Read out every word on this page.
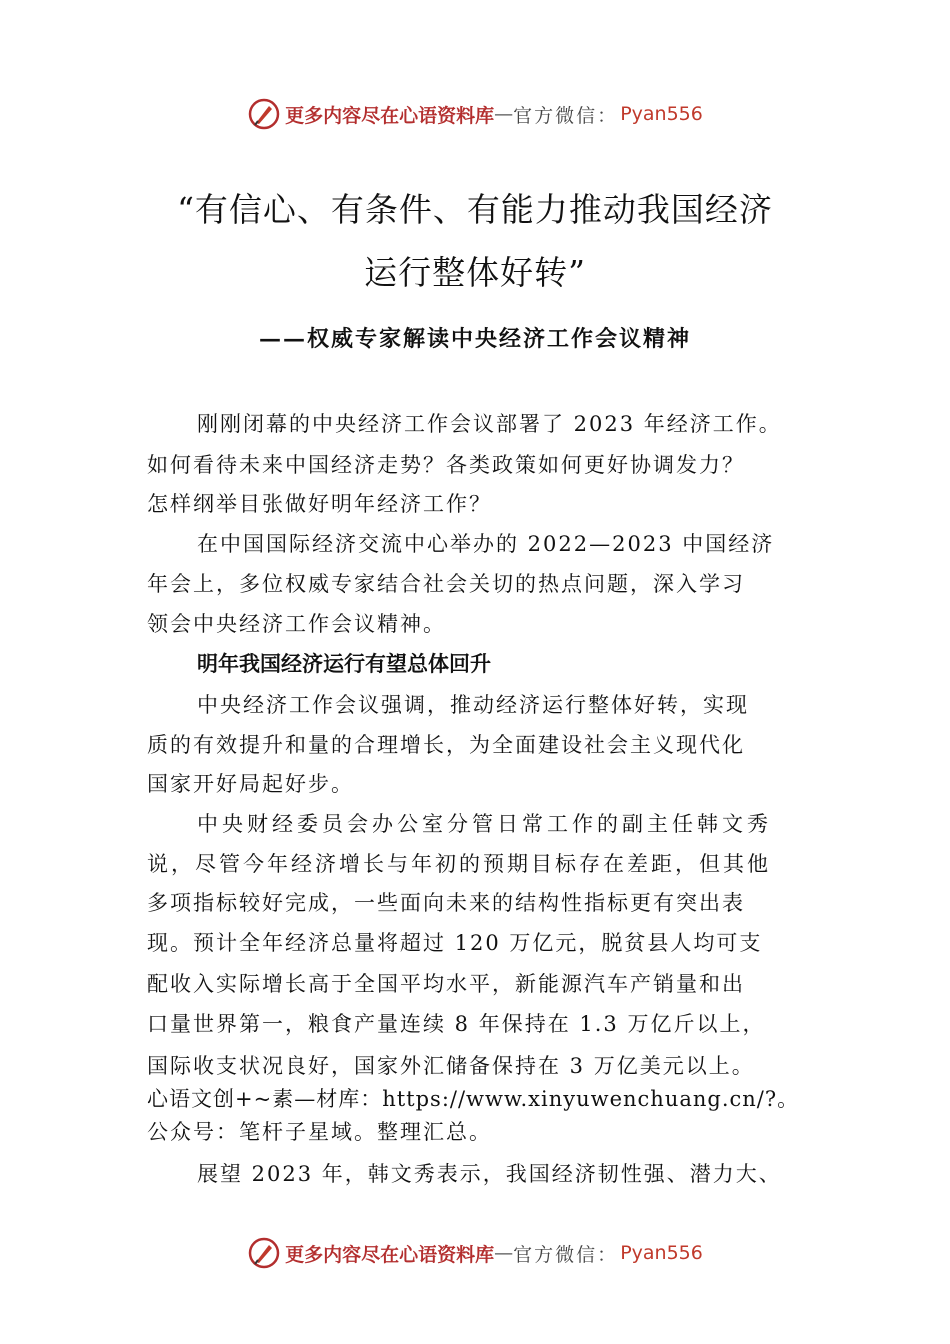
更多内容尽在心语资料库 — 官方微信： Pyan556
“有信心、有条件、有能力推动我国经济
运行整体好转”
——权威专家解读中央经济工作会议精神
刚刚闭幕的中央经济工作会议部署了 2023 年经济工作。
如何看待未来中国经济走势？各类政策如何更好协调发力？
怎样纲举目张做好明年经济工作？
在中国国际经济交流中心举办的 2022—2023 中国经济
年会上，多位权威专家结合社会关切的热点问题，深入学习
领会中央经济工作会议精神。
明年我国经济运行有望总体回升
中央经济工作会议强调，推动经济运行整体好转，实现
质的有效提升和量的合理增长，为全面建设社会主义现代化
国家开好局起好步。
中央财经委员会办公室分管日常工作的副主任韩文秀
说，尽管今年经济增长与年初的预期目标存在差距，但其他
多项指标较好完成，一些面向未来的结构性指标更有突出表
现。预计全年经济总量将超过 120 万亿元，脱贫县人均可支
配收入实际增长高于全国平均水平，新能源汽车产销量和出
口量世界第一，粮食产量连续 8 年保持在 1.3 万亿斤以上，
国际收支状况良好，国家外汇储备保持在 3 万亿美元以上。
心语文创+~素—材库：https://www.xinyuwenchuang.cn/?。
公众号：笔杆子星域。整理汇总。
展望 2023 年，韩文秀表示，我国经济韧性强、潜力大、
更多内容尽在心语资料库 — 官方微信： Pyan556
